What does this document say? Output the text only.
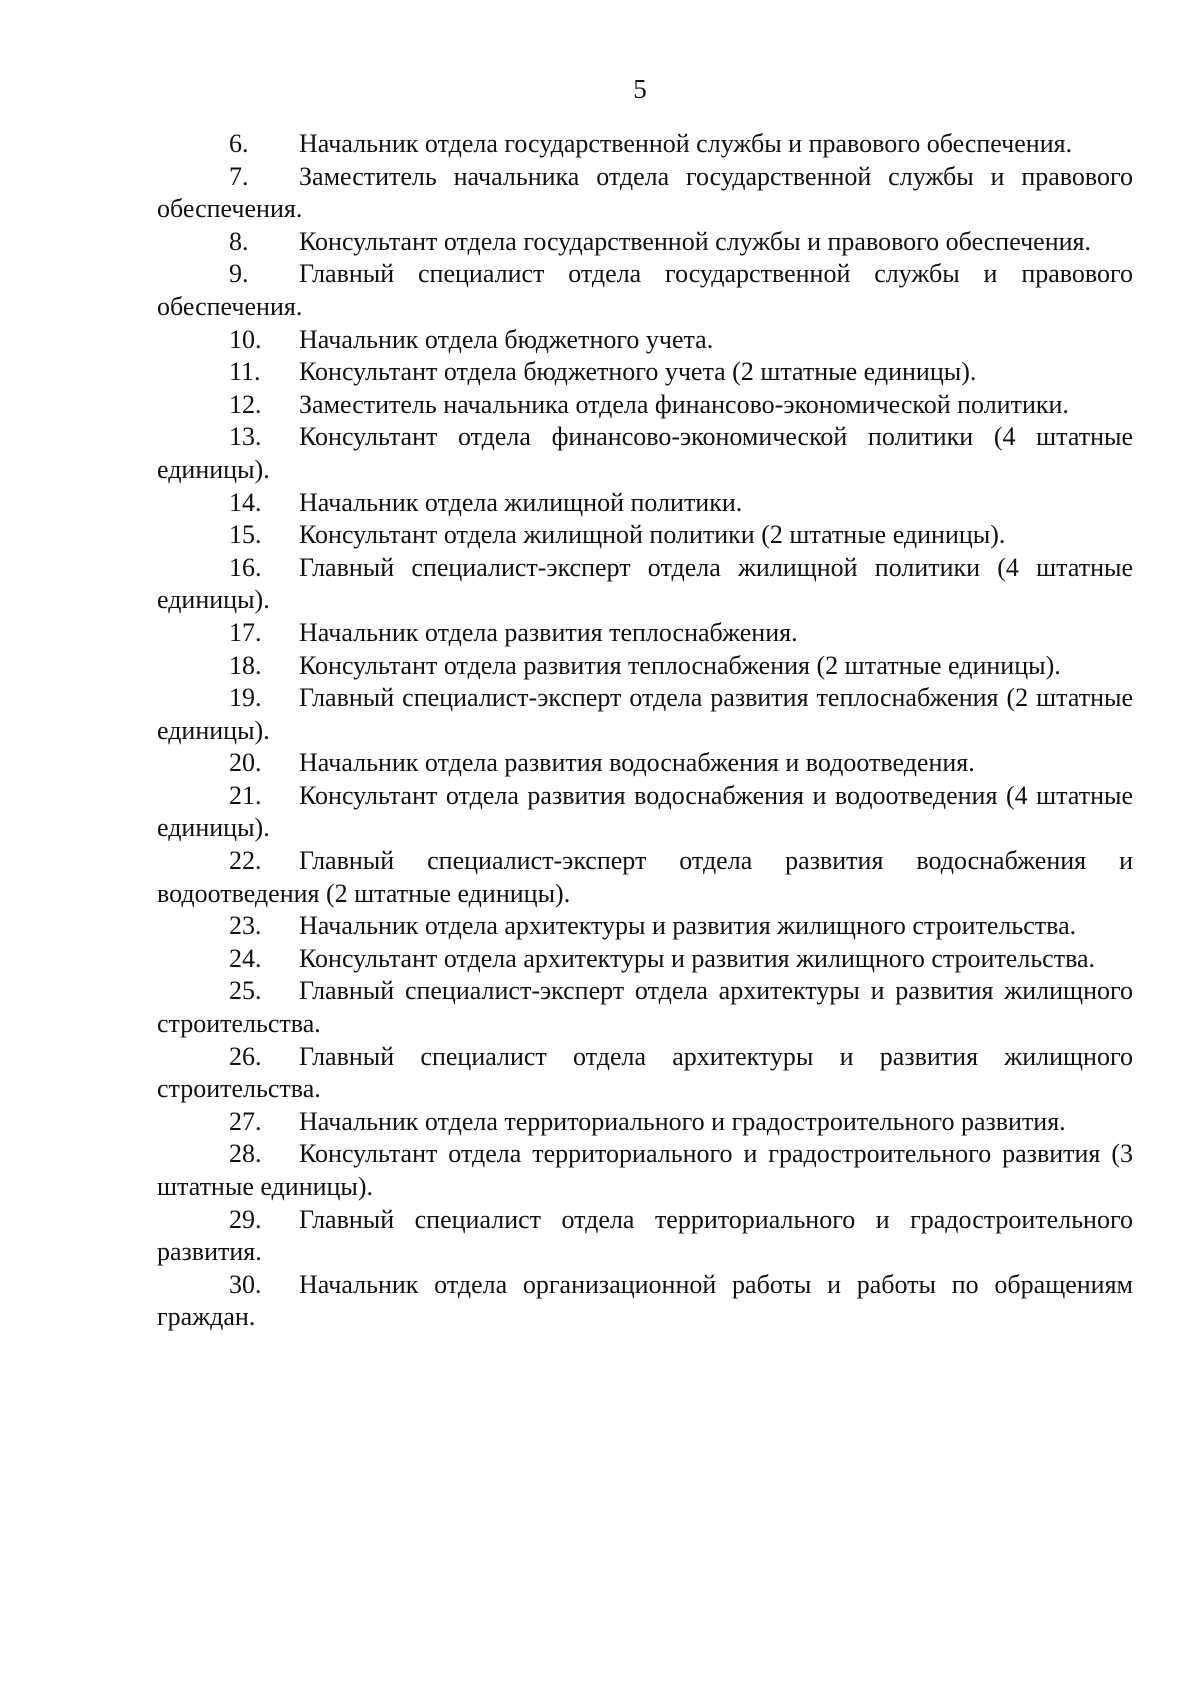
5

6. Начальник отдела государственной службы и правового обеспечения.

7. Заместитель начальника отдела государственной службы и правового обеспечения.

8. Консультант отдела государственной службы и правового обеспечения.

9. Главный специалист отдела государственной службы и правового обеспечения.

10. Начальник отдела бюджетного учета.

11. Консультант отдела бюджетного учета (2 штатные единицы).

12. Заместитель начальника отдела финансово-экономической политики.

13. Консультант отдела финансово-экономической политики (4 штатные единицы).

14. Начальник отдела жилищной политики.

15. Консультант отдела жилищной политики (2 штатные единицы).

16. Главный специалист-эксперт отдела жилищной политики (4 штатные единицы).

17. Начальник отдела развития теплоснабжения.

18. Консультант отдела развития теплоснабжения (2 штатные единицы).

19. Главный специалист-эксперт отдела развития теплоснабжения (2 штатные единицы).

20. Начальник отдела развития водоснабжения и водоотведения.

21. Консультант отдела развития водоснабжения и водоотведения (4 штатные единицы).

22. Главный специалист-эксперт отдела развития водоснабжения и водоотведения (2 штатные единицы).

23. Начальник отдела архитектуры и развития жилищного строительства.

24. Консультант отдела архитектуры и развития жилищного строительства.

25. Главный специалист-эксперт отдела архитектуры и развития жилищного строительства.

26. Главный специалист отдела архитектуры и развития жилищного строительства.

27. Начальник отдела территориального и градостроительного развития.

28. Консультант отдела территориального и градостроительного развития (3 штатные единицы).

29. Главный специалист отдела территориального и градостроительного развития.

30. Начальник отдела организационной работы и работы по обращениям граждан.
